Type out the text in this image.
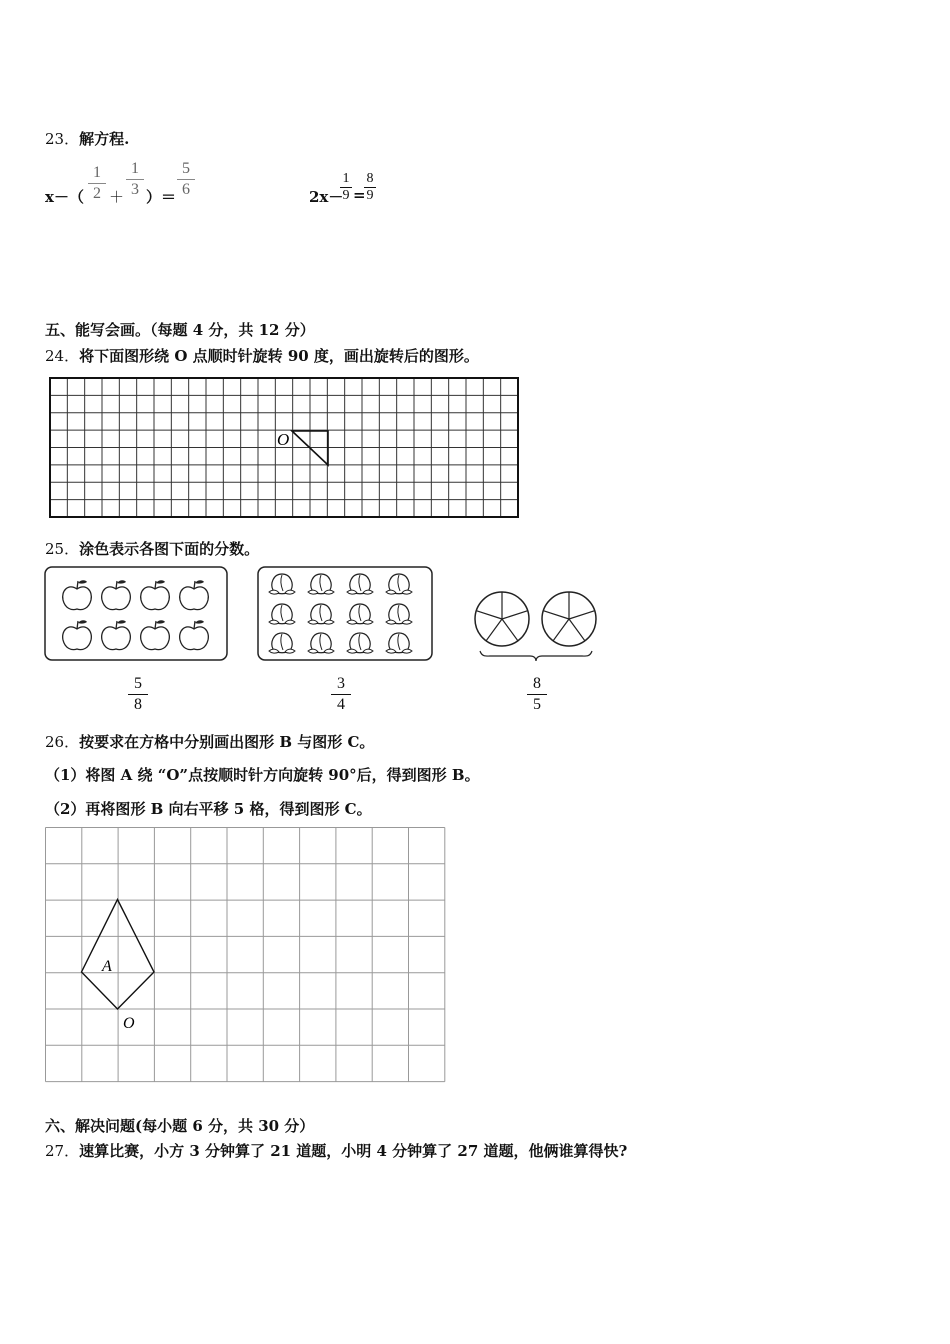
23．解方程.
x－（
1
2 ＋
1
3 ）＝
5
6	2x－
1
9 =
8
9
五、能写会画。（每题 4 分，共 12 分）
24．将下面图形绕 O 点顺时针旋转 90 度，画出旋转后的图形。
O
25．涂色表示各图下面的分数。
5
8
3
4
8
5
26．按要求在方格中分别画出图形 B 与图形 C。
（1）将图 A 绕 “O”点按顺时针方向旋转 90°后，得到图形 B。
（2）再将图形 B 向右平移 5 格，得到图形 C。
A
O
六、解决问题(每小题 6 分，共 30 分）
27．速算比赛，小方 3 分钟算了 21 道题，小明 4 分钟算了 27 道题，他俩谁算得快?
